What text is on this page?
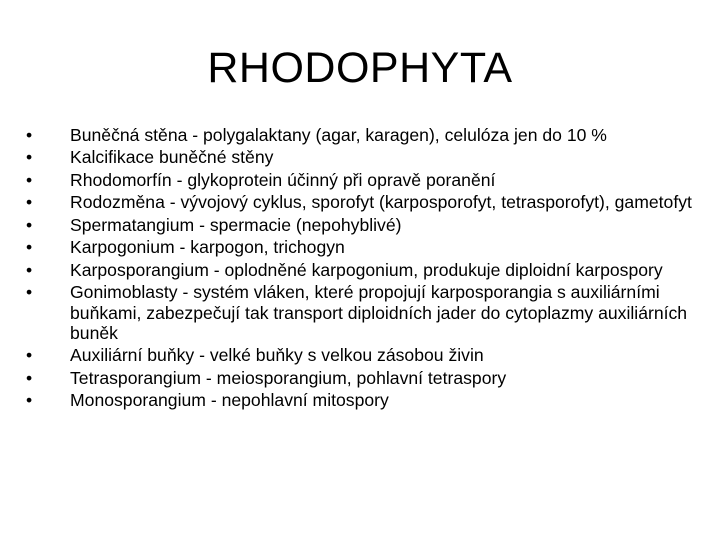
RHODOPHYTA
•	Buněčná stěna - polygalaktany (agar, karagen), celulóza jen do 10 %
•	Kalcifikace buněčné stěny
•	Rhodomorfín - glykoprotein účinný při opravě poranění
•	Rodozměna - vývojový cyklus, sporofyt (karposporofyt, tetrasporofyt), gametofyt
•	Spermatangium - spermacie (nepohyblivé)
•	Karpogonium - karpogon, trichogyn
•	Karposporangium - oplodněné karpogonium, produkuje diploidní karpospory
•	Gonimoblasty - systém vláken, které propojují karposporangia s auxiliárními buňkami, zabezpečují tak transport diploidních jader do cytoplazmy auxiliárních buněk
•	Auxiliární buňky - velké buňky s velkou zásobou živin
•	Tetrasporangium - meiosporangium, pohlavní tetraspory
•	Monosporangium - nepohlavní mitospory
